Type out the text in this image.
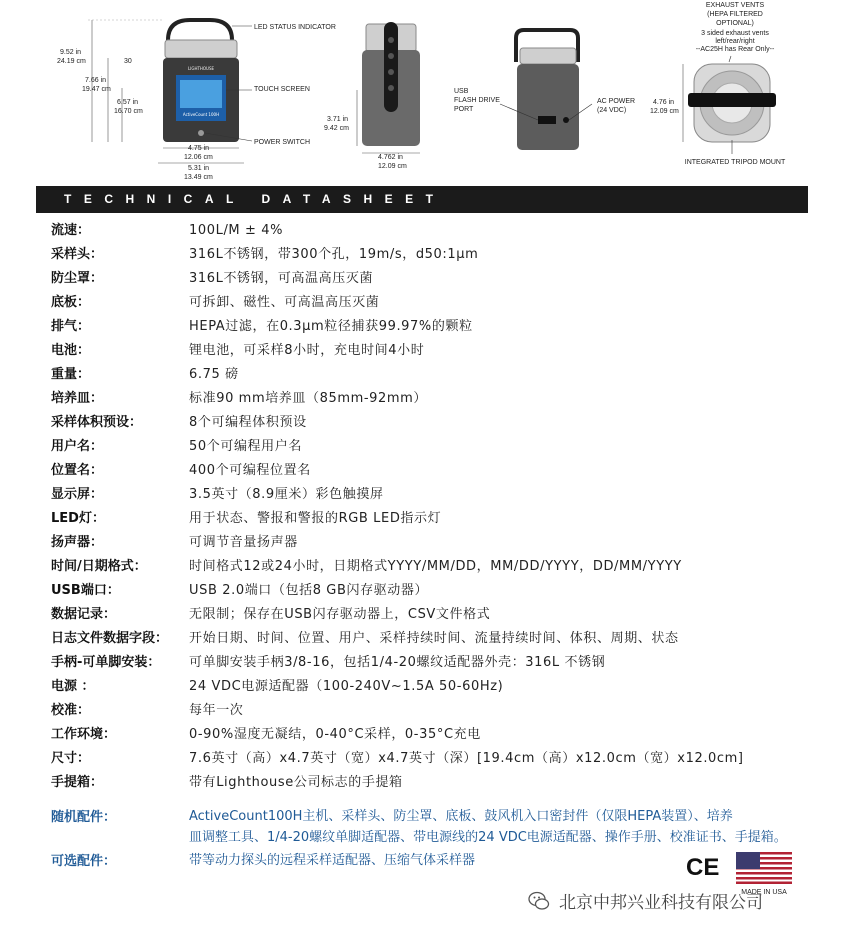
LIGHTHOUSE
ActiveCount 100H
9.52 in
24.19 cm
7.66 in
19.47 cm
6.57 in
16.70 cm
30
4.75 in
12.06 cm
5.31 in
13.49 cm
LED STATUS INDICATOR
TOUCH SCREEN
POWER SWITCH
3.71 in
9.42 cm
4.762 in
12.09 cm
USB
FLASH DRIVE
PORT
AC POWER
(24 VDC)
4.76 in
12.09 cm
EXHAUST VENTS
(HEPA FILTERED
OPTIONAL)
3 sided exhaust vents
left/rear/right
--AC25H has Rear Only--
INTEGRATED TRIPOD MOUNT
TECHNICAL DATASHEET
流速：	100L/M ± 4%
采样头：	316L不锈钢，带300个孔，19m/s，d50:1μm
防尘罩：	316L不锈钢，可高温高压灭菌
底板：	可拆卸、磁性、可高温高压灭菌
排气：	HEPA过滤，在0.3μm粒径捕获99.97%的颗粒
电池：	锂电池，可采样8小时，充电时间4小时
重量：	6.75 磅
培养皿：	标准90 mm培养皿（85mm-92mm）
采样体积预设：	8个可编程体积预设
用户名：	50个可编程用户名
位置名：	400个可编程位置名
显示屏：	3.5英寸（8.9厘米）彩色触摸屏
LED灯：	用于状态、警报和警报的RGB LED指示灯
扬声器：	可调节音量扬声器
时间/日期格式：	时间格式12或24小时，日期格式YYYY/MM/DD，MM/DD/YYYY，DD/MM/YYYY
USB端口：	USB 2.0端口（包括8 GB闪存驱动器）
数据记录：	无限制；保存在USB闪存驱动器上，CSV文件格式
日志文件数据字段：	开始日期、时间、位置、用户、采样持续时间、流量持续时间、体积、周期、状态
手柄-可单脚安装：	可单脚安装手柄3/8-16，包括1/4-20螺纹适配器外壳：316L 不锈钢
电源 ：	24 VDC电源适配器（100-240V~1.5A 50-60Hz)
校准：	每年一次
工作环境：	0-90%湿度无凝结，0-40°C采样，0-35°C充电
尺寸：	7.6英寸（高）x4.7英寸（宽）x4.7英寸（深）[19.4cm（高）x12.0cm（宽）x12.0cm]
手提箱：	带有Lighthouse公司标志的手提箱
随机配件：	ActiveCount100H主机、采样头、防尘罩、底板、鼓风机入口密封件（仅限HEPA装置）、培养
皿调整工具、1/4-20螺纹单脚适配器、带电源线的24 VDC电源适配器、操作手册、校准证书、手提箱。
可选配件：	带等动力探头的远程采样适配器、压缩气体采样器	CE
MADE IN USA
北京中邦兴业科技有限公司
